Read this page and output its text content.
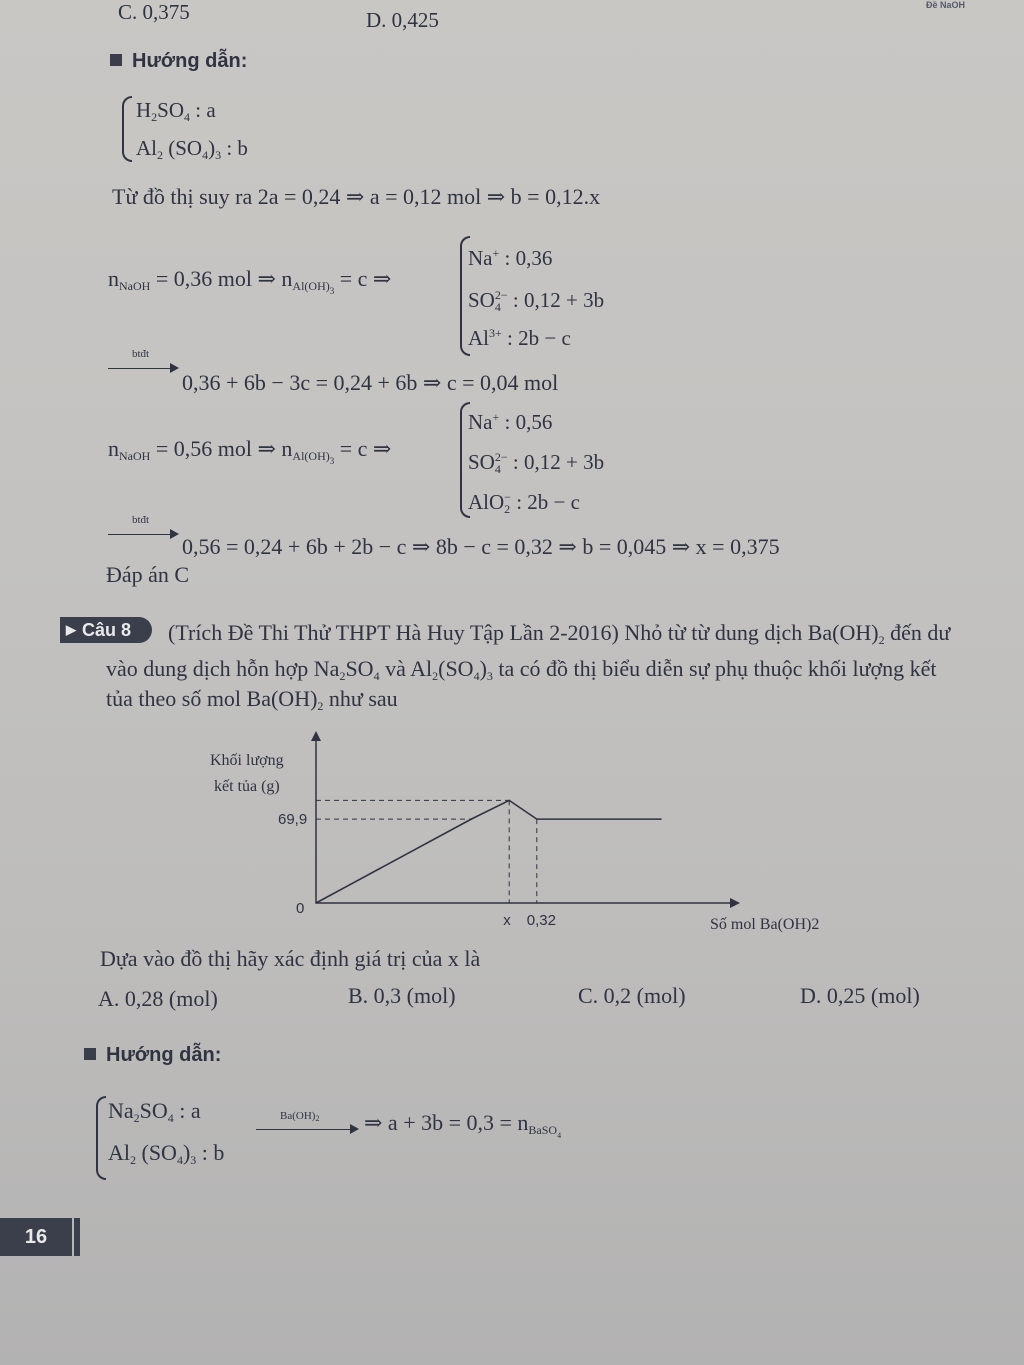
Đề NaOH
C. 0,375	D. 0,425
Hướng dẫn:
$H_2SO_4$ : a
$Al_2$ $(SO_4)_3$ : b
Từ đồ thị suy ra 2a = 0,24 ⇒ a = 0,12 mol ⇒ b = 0,12.x
$n_{NaOH} = 0,36$ mol ⇒ $n_{Al(OH)_3} = c$ ⇒
Na+ : 0,36
$SO_4^{2-}$ : 0,12 + 3b
$Al^{3+}$ : 2b − c
btđt
0,36 + 6b − 3c = 0,24 + 6b ⇒ c = 0,04 mol
$n_{NaOH} = 0,56$ mol ⇒ $n_{Al(OH)_3} = c$ ⇒
Na+ : 0,56
$SO_4^{2-}$ : 0,12 + 3b
AlO$_2$− : 2b − c
btđt
0,56 = 0,24 + 6b + 2b − c ⇒ 8b − c = 0,32 ⇒ b = 0,045 ⇒ x = 0,375
Đáp án C
▶ Câu 8 (Trích Đề Thi Thử THPT Hà Huy Tập Lần 2-2016) Nhỏ từ từ dung dịch $Ba(OH)_2$ đến dư
vào dung dịch hỗn hợp $Na_2SO_4$ và $Al_2(SO_4)_3$ ta có đồ thị biểu diễn sự phụ thuộc khối lượng kết
tủa theo số mol $Ba(OH)_2$ như sau
Khối lượng
kết tủa (g)
69,9
0
x 0,32	Số mol Ba(OH)2
Dựa vào đồ thị hãy xác định giá trị của x là
A. 0,28 (mol)	B. 0,3 (mol)	C. 0,2 (mol)	D. 0,25 (mol)
Hướng dẫn:
$Na_2SO_4$ : a
$Al_2$ $(SO_4)_3$ : b
$Ba(OH)_2$ ⇒ $a + 3b = 0,3 = n_{BaSO_4}$
16
